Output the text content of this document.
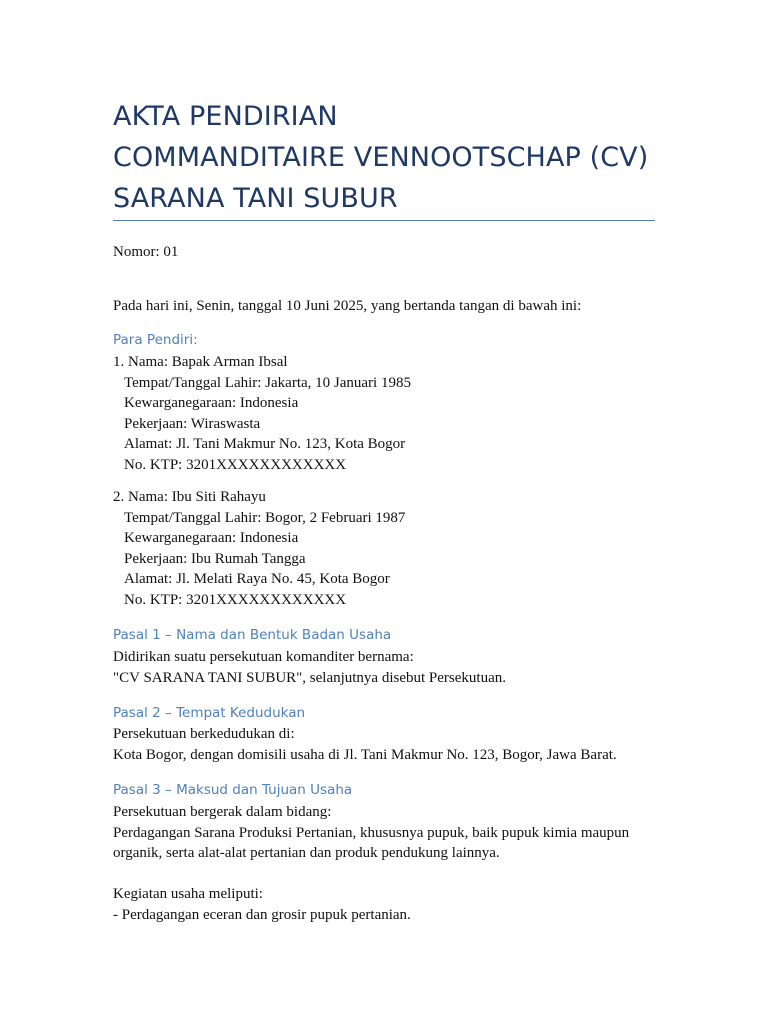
AKTA PENDIRIAN
COMMANDITAIRE VENNOOTSCHAP (CV)
SARANA TANI SUBUR
Nomor: 01
Pada hari ini, Senin, tanggal 10 Juni 2025, yang bertanda tangan di bawah ini:
Para Pendiri:
1. Nama: Bapak Arman Ibsal
Tempat/Tanggal Lahir: Jakarta, 10 Januari 1985
Kewarganegaraan: Indonesia
Pekerjaan: Wiraswasta
Alamat: Jl. Tani Makmur No. 123, Kota Bogor
No. KTP: 3201XXXXXXXXXXXX
2. Nama: Ibu Siti Rahayu
Tempat/Tanggal Lahir: Bogor, 2 Februari 1987
Kewarganegaraan: Indonesia
Pekerjaan: Ibu Rumah Tangga
Alamat: Jl. Melati Raya No. 45, Kota Bogor
No. KTP: 3201XXXXXXXXXXXX
Pasal 1 – Nama dan Bentuk Badan Usaha
Didirikan suatu persekutuan komanditer bernama:
"CV SARANA TANI SUBUR", selanjutnya disebut Persekutuan.
Pasal 2 – Tempat Kedudukan
Persekutuan berkedudukan di:
Kota Bogor, dengan domisili usaha di Jl. Tani Makmur No. 123, Bogor, Jawa Barat.
Pasal 3 – Maksud dan Tujuan Usaha
Persekutuan bergerak dalam bidang:
Perdagangan Sarana Produksi Pertanian, khususnya pupuk, baik pupuk kimia maupun
organik, serta alat-alat pertanian dan produk pendukung lainnya.
Kegiatan usaha meliputi:
- Perdagangan eceran dan grosir pupuk pertanian.
